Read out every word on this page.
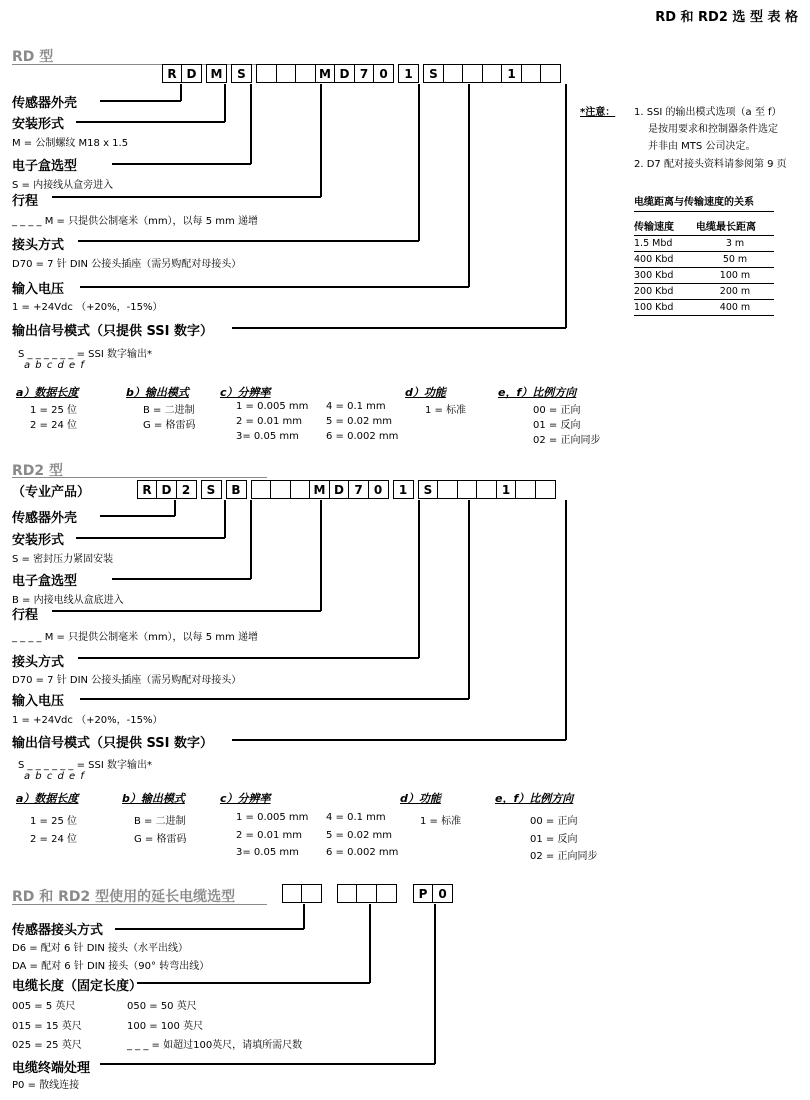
RD 和 RD2 选 型 表 格
RD 型
R D	M	S	M D 7 0	1	S	1
传感器外壳
安装形式
M = 公制螺纹 M18 x 1.5
电子盒选型
S = 内接线从盒旁进入
行程
_ _ _ _ M = 只提供公制毫米（mm），以每 5 mm 递增
接头方式
D70 = 7 针 DIN 公接头插座（需另购配对母接头）
输入电压
1 = +24Vdc （+20%，-15%）
输出信号模式（只提供 SSI 数字）
S _ _ _ _ _ _ = SSI 数字输出*
a b c d e f
a）数据长度
1 = 25 位
2 = 24 位
b）输出模式
B = 二进制
G = 格雷码
c）分辨率
1 = 0.005 mm
2 = 0.01 mm
3= 0.05 mm
4 = 0.1 mm
5 = 0.02 mm
6 = 0.002 mm
d）功能
1 = 标准
e，f）比例方向
00 = 正向
01 = 反向
02 = 正向同步
*注意： 1. SSI 的输出模式选项（a 至 f）
是按用要求和控制器条件选定
并非由 MTS 公司决定。
2. D7 配对接头资料请参阅第 9 页
电缆距离与传输速度的关系
传输速度	电缆最长距离
1.5 Mbd	3 m
400 Kbd	50 m
300 Kbd	100 m
200 Kbd	200 m
100 Kbd	400 m
RD2 型
（专业产品）	R D 2	S	B	M D 7 0	1	S	1
传感器外壳
安装形式
S = 密封压力紧固安装
电子盒选型
B = 内接电线从盒底进入
行程
_ _ _ _ M = 只提供公制毫米（mm），以每 5 mm 递增
接头方式
D70 = 7 针 DIN 公接头插座（需另购配对母接头）
输入电压
1 = +24Vdc （+20%，-15%）
输出信号模式（只提供 SSI 数字）
S _ _ _ _ _ _ = SSI 数字输出*
a b c d e f
a）数据长度
1 = 25 位
2 = 24 位
b）输出模式
B = 二进制
G = 格雷码
c）分辨率
1 = 0.005 mm
2 = 0.01 mm
3= 0.05 mm
4 = 0.1 mm
5 = 0.02 mm
6 = 0.002 mm
d）功能
1 = 标准
e，f）比例方向
00 = 正向
01 = 反向
02 = 正向同步
RD 和 RD2 型使用的延长电缆选型	P 0
传感器接头方式
D6 = 配对 6 针 DIN 接头（水平出线）
DA = 配对 6 针 DIN 接头（90° 转弯出线）
电缆长度（固定长度）
005 = 5 英尺
015 = 15 英尺
025 = 25 英尺
050 = 50 英尺
100 = 100 英尺
_ _ _ = 如超过100英尺，请填所需尺数
电缆终端处理
P0 = 散线连接
